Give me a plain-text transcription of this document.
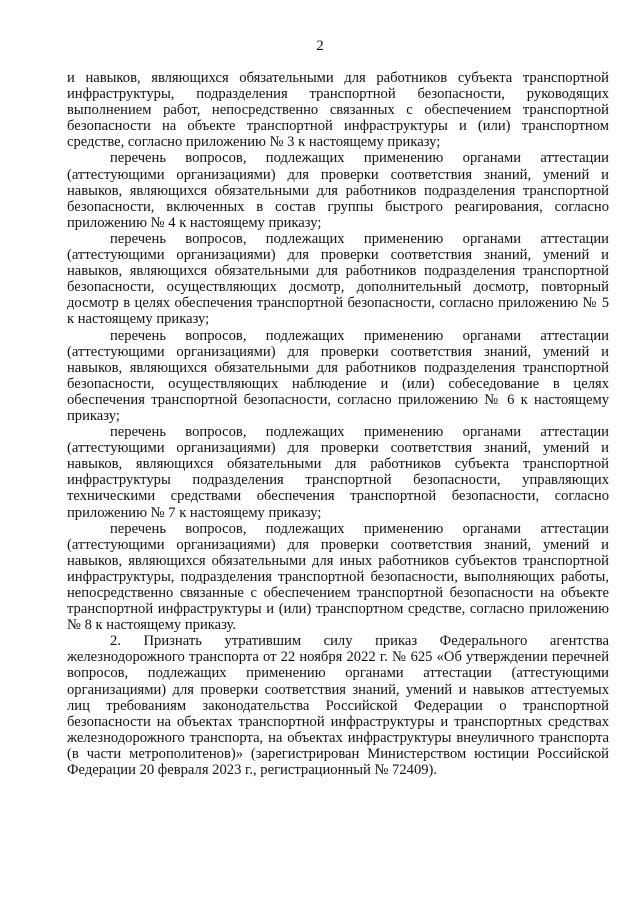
2

и навыков, являющихся обязательными для работников субъекта транспортной инфраструктуры, подразделения транспортной безопасности, руководящих выполнением работ, непосредственно связанных с обеспечением транспортной безопасности на объекте транспортной инфраструктуры и (или) транспортном средстве, согласно приложению № 3 к настоящему приказу;

перечень вопросов, подлежащих применению органами аттестации (аттестующими организациями) для проверки соответствия знаний, умений и навыков, являющихся обязательными для работников подразделения транспортной безопасности, включенных в состав группы быстрого реагирования, согласно приложению № 4 к настоящему приказу;

перечень вопросов, подлежащих применению органами аттестации (аттестующими организациями) для проверки соответствия знаний, умений и навыков, являющихся обязательными для работников подразделения транспортной безопасности, осуществляющих досмотр, дополнительный досмотр, повторный досмотр в целях обеспечения транспортной безопасности, согласно приложению № 5 к настоящему приказу;

перечень вопросов, подлежащих применению органами аттестации (аттестующими организациями) для проверки соответствия знаний, умений и навыков, являющихся обязательными для работников подразделения транспортной безопасности, осуществляющих наблюдение и (или) собеседование в целях обеспечения транспортной безопасности, согласно приложению № 6 к настоящему приказу;

перечень вопросов, подлежащих применению органами аттестации (аттестующими организациями) для проверки соответствия знаний, умений и навыков, являющихся обязательными для работников субъекта транспортной инфраструктуры подразделения транспортной безопасности, управляющих техническими средствами обеспечения транспортной безопасности, согласно приложению № 7 к настоящему приказу;

перечень вопросов, подлежащих применению органами аттестации (аттестующими организациями) для проверки соответствия знаний, умений и навыков, являющихся обязательными для иных работников субъектов транспортной инфраструктуры, подразделения транспортной безопасности, выполняющих работы, непосредственно связанные с обеспечением транспортной безопасности на объекте транспортной инфраструктуры и (или) транспортном средстве, согласно приложению № 8 к настоящему приказу.

2. Признать утратившим силу приказ Федерального агентства железнодорожного транспорта от 22 ноября 2022 г. № 625 «Об утверждении перечней вопросов, подлежащих применению органами аттестации (аттестующими организациями) для проверки соответствия знаний, умений и навыков аттестуемых лиц требованиям законодательства Российской Федерации о транспортной безопасности на объектах транспортной инфраструктуры и транспортных средствах железнодорожного транспорта, на объектах инфраструктуры внеуличного транспорта (в части метрополитенов)» (зарегистрирован Министерством юстиции Российской Федерации 20 февраля 2023 г., регистрационный № 72409).
